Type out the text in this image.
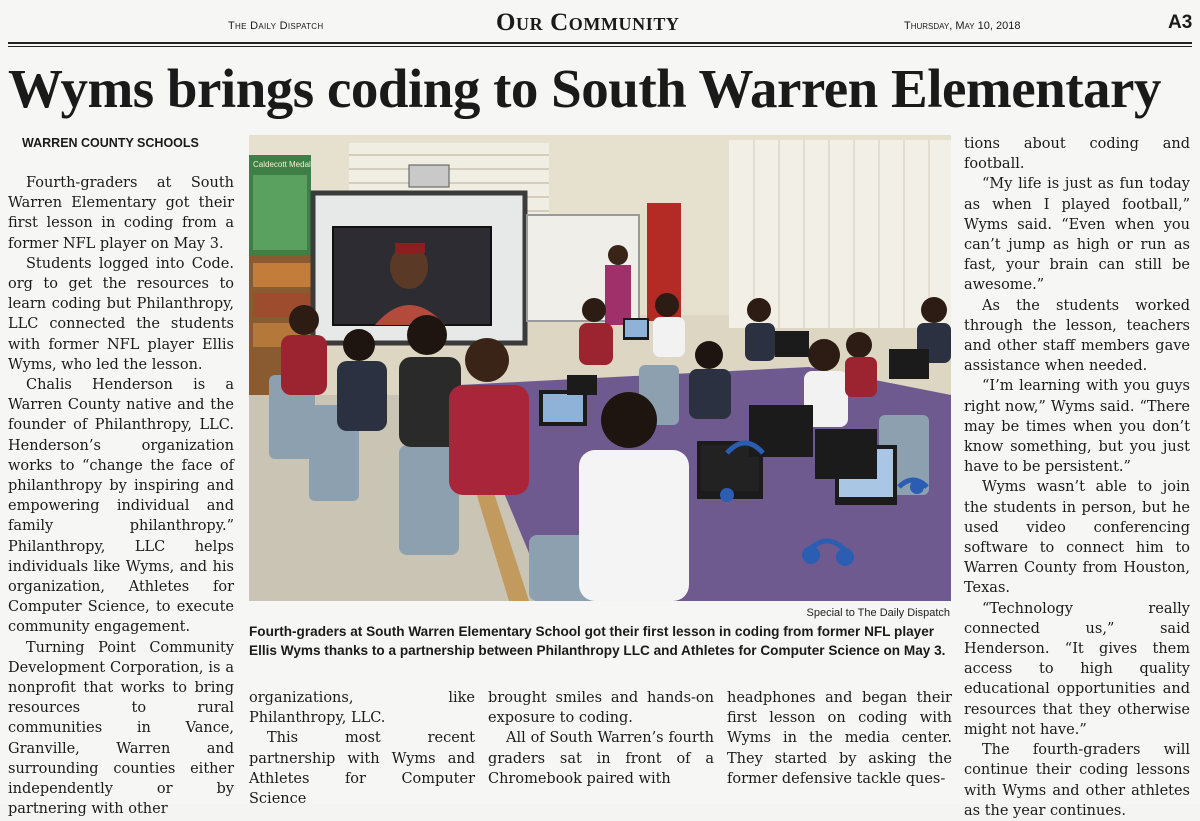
The Daily Dispatch	Our Community	Thursday, May 10, 2018	A3
Wyms brings coding to South Warren Elementary
WARREN COUNTY SCHOOLS

Fourth-graders at South Warren Elementary got their first lesson in coding from a former NFL player on May 3.

Students logged into Code. org to get the resources to learn coding but Philanthropy, LLC connected the students with former NFL player Ellis Wyms, who led the lesson.

Chalis Henderson is a Warren County native and the founder of Philanthropy, LLC. Henderson’s organization works to “change the face of philanthropy by inspiring and empowering individual and family philanthropy.” Philanthropy, LLC helps individuals like Wyms, and his organization, Athletes for Computer Science, to execute community engagement.

Turning Point Community Development Corporation, is a nonprofit that works to bring resources to rural communities in Vance, Granville, Warren and surrounding counties either independently or by partnering with other

Caldecott Medal
Special to The Daily Dispatch
Fourth-graders at South Warren Elementary School got their first lesson in coding from former NFL player Ellis Wyms thanks to a partnership between Philanthropy LLC and Athletes for Computer Science on May 3.

organizations, like Philanthropy, LLC.

This most recent partnership with Wyms and Athletes for Computer Science

brought smiles and hands-on exposure to coding.

All of South Warren’s fourth graders sat in front of a Chromebook paired with

headphones and began their first lesson on coding with Wyms in the media center. They started by asking the former defensive tackle ques-

tions about coding and football.

“My life is just as fun today as when I played football,” Wyms said. “Even when you can’t jump as high or run as fast, your brain can still be awesome.”

As the students worked through the lesson, teachers and other staff members gave assistance when needed.

“I’m learning with you guys right now,” Wyms said. “There may be times when you don’t know something, but you just have to be persistent.”

Wyms wasn’t able to join the students in person, but he used video conferencing software to connect him to Warren County from Houston, Texas.

“Technology really connected us,” said Henderson. “It gives them access to high quality educational opportunities and resources that they otherwise might not have.”

The fourth-graders will continue their coding lessons with Wyms and other athletes as the year continues.
